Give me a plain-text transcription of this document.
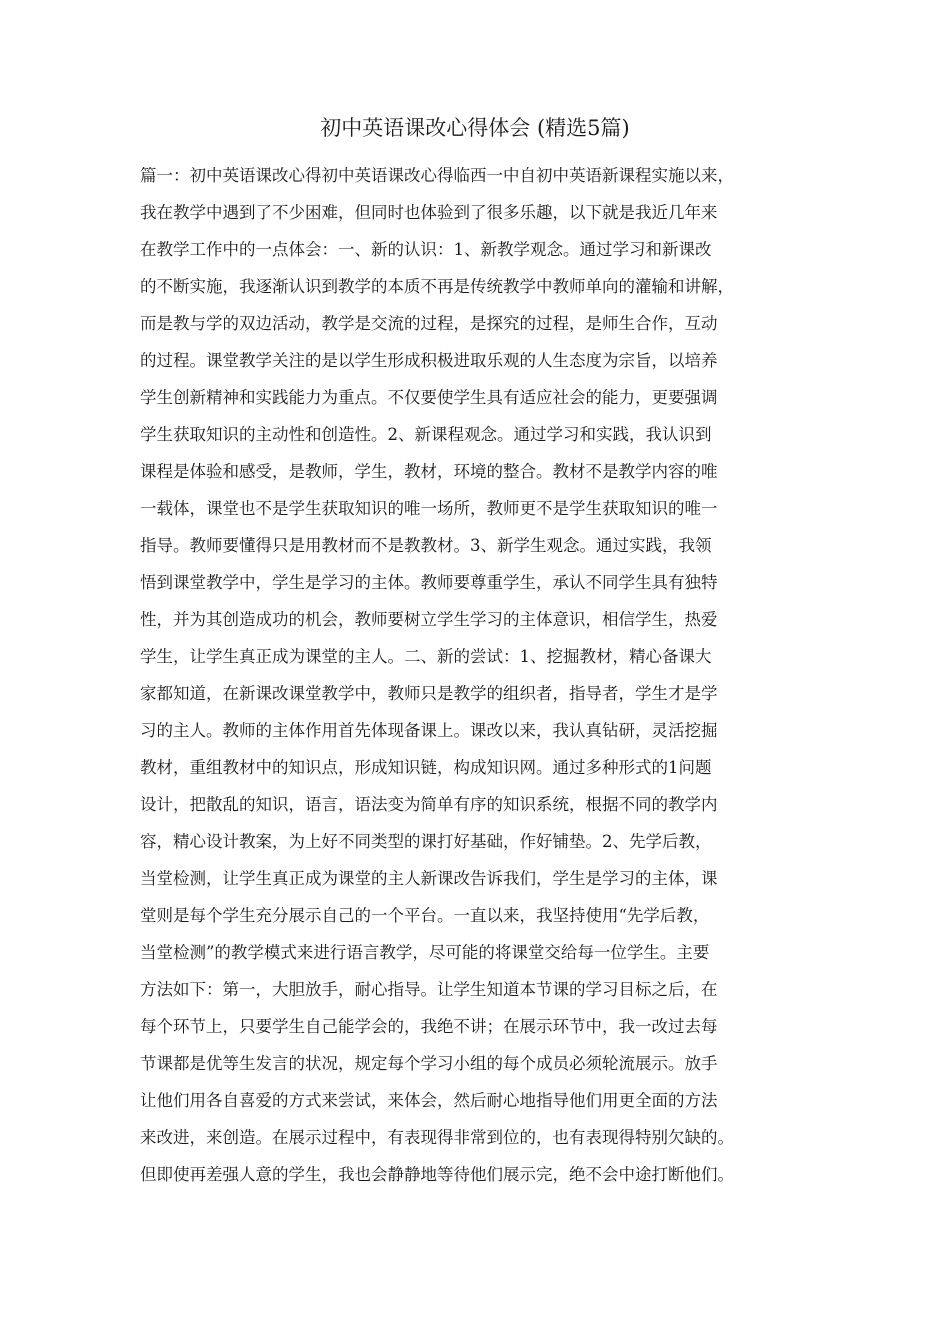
初中英语课改心得体会 (精选5篇)
篇一：初中英语课改心得初中英语课改心得临西一中自初中英语新课程实施以来，
我在教学中遇到了不少困难，但同时也体验到了很多乐趣，以下就是我近几年来
在教学工作中的一点体会：一、新的认识：1、新教学观念。通过学习和新课改
的不断实施，我逐渐认识到教学的本质不再是传统教学中教师单向的灌输和讲解，
而是教与学的双边活动，教学是交流的过程，是探究的过程，是师生合作，互动
的过程。课堂教学关注的是以学生形成积极进取乐观的人生态度为宗旨，以培养
学生创新精神和实践能力为重点。不仅要使学生具有适应社会的能力，更要强调
学生获取知识的主动性和创造性。2、新课程观念。通过学习和实践，我认识到
课程是体验和感受，是教师，学生，教材，环境的整合。教材不是教学内容的唯
一载体，课堂也不是学生获取知识的唯一场所，教师更不是学生获取知识的唯一
指导。教师要懂得只是用教材而不是教教材。3、新学生观念。通过实践，我领
悟到课堂教学中，学生是学习的主体。教师要尊重学生，承认不同学生具有独特
性，并为其创造成功的机会，教师要树立学生学习的主体意识，相信学生，热爱
学生，让学生真正成为课堂的主人。二、新的尝试：1、挖掘教材，精心备课大
家都知道，在新课改课堂教学中，教师只是教学的组织者，指导者，学生才是学
习的主人。教师的主体作用首先体现备课上。课改以来，我认真钻研，灵活挖掘
教材，重组教材中的知识点，形成知识链，构成知识网。通过多种形式的1问题
设计，把散乱的知识，语言，语法变为简单有序的知识系统，根据不同的教学内
容，精心设计教案，为上好不同类型的课打好基础，作好铺垫。2、先学后教，
当堂检测，让学生真正成为课堂的主人新课改告诉我们，学生是学习的主体，课
堂则是每个学生充分展示自己的一个平台。一直以来，我坚持使用“先学后教，
当堂检测”的教学模式来进行语言教学，尽可能的将课堂交给每一位学生。主要
方法如下：第一，大胆放手，耐心指导。让学生知道本节课的学习目标之后，在
每个环节上，只要学生自己能学会的，我绝不讲；在展示环节中，我一改过去每
节课都是优等生发言的状况，规定每个学习小组的每个成员必须轮流展示。放手
让他们用各自喜爱的方式来尝试，来体会，然后耐心地指导他们用更全面的方法
来改进，来创造。在展示过程中，有表现得非常到位的，也有表现得特别欠缺的。
但即使再差强人意的学生，我也会静静地等待他们展示完，绝不会中途打断他们。
